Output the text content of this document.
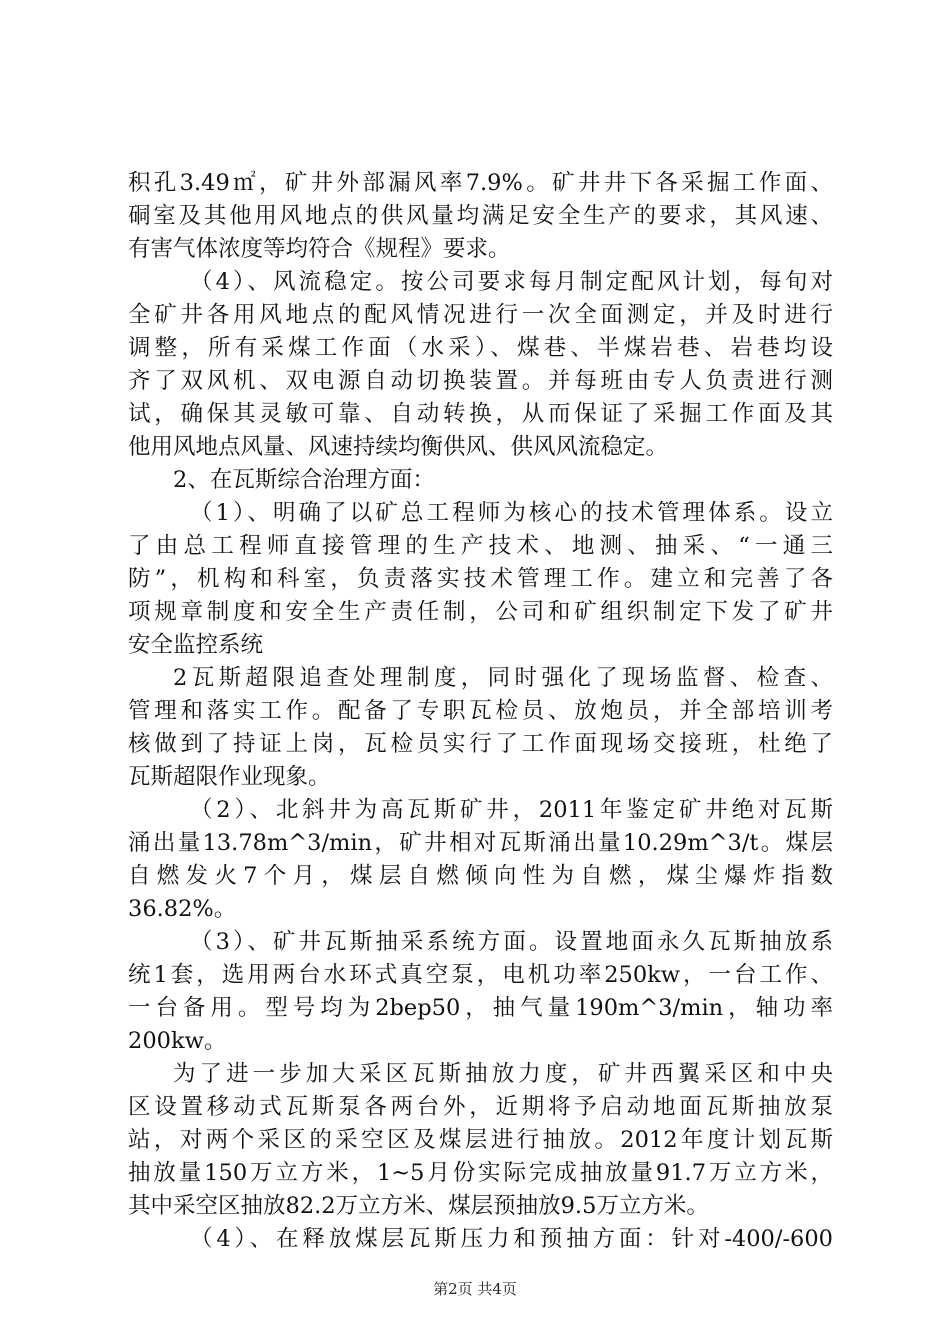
积孔3.49㎡，矿井外部漏风率7.9%。矿井井下各采掘工作面、
硐室及其他用风地点的供风量均满足安全生产的要求，其风速、
有害气体浓度等均符合《规程》要求。
（4）、风流稳定。按公司要求每月制定配风计划，每旬对
全矿井各用风地点的配风情况进行一次全面测定，并及时进行
调整，所有采煤工作面（水采）、煤巷、半煤岩巷、岩巷均设
齐了双风机、双电源自动切换装置。并每班由专人负责进行测
试，确保其灵敏可靠、自动转换，从而保证了采掘工作面及其
他用风地点风量、风速持续均衡供风、供风风流稳定。
2、在瓦斯综合治理方面：
（1）、明确了以矿总工程师为核心的技术管理体系。设立
了由总工程师直接管理的生产技术、地测、抽采、“一通三
防”，机构和科室，负责落实技术管理工作。建立和完善了各
项规章制度和安全生产责任制，公司和矿组织制定下发了矿井
安全监控系统
2瓦斯超限追查处理制度，同时强化了现场监督、检查、
管理和落实工作。配备了专职瓦检员、放炮员，并全部培训考
核做到了持证上岗，瓦检员实行了工作面现场交接班，杜绝了
瓦斯超限作业现象。
（2）、北斜井为高瓦斯矿井，2011年鉴定矿井绝对瓦斯
涌出量13.78m^3/min，矿井相对瓦斯涌出量10.29m^3/t。煤层
自燃发火7个月，煤层自燃倾向性为自燃，煤尘爆炸指数
36.82%。
（3）、矿井瓦斯抽采系统方面。设置地面永久瓦斯抽放系
统1套，选用两台水环式真空泵，电机功率250kw，一台工作、
一台备用。型号均为2bep50，抽气量190m^3/min，轴功率
200kw。
为了进一步加大采区瓦斯抽放力度，矿井西翼采区和中央
区设置移动式瓦斯泵各两台外，近期将予启动地面瓦斯抽放泵
站，对两个采区的采空区及煤层进行抽放。2012年度计划瓦斯
抽放量150万立方米，1~5月份实际完成抽放量91.7万立方米，
其中采空区抽放82.2万立方米、煤层预抽放9.5万立方米。
（4）、在释放煤层瓦斯压力和预抽方面：针对-400/-600
第2页 共4页
